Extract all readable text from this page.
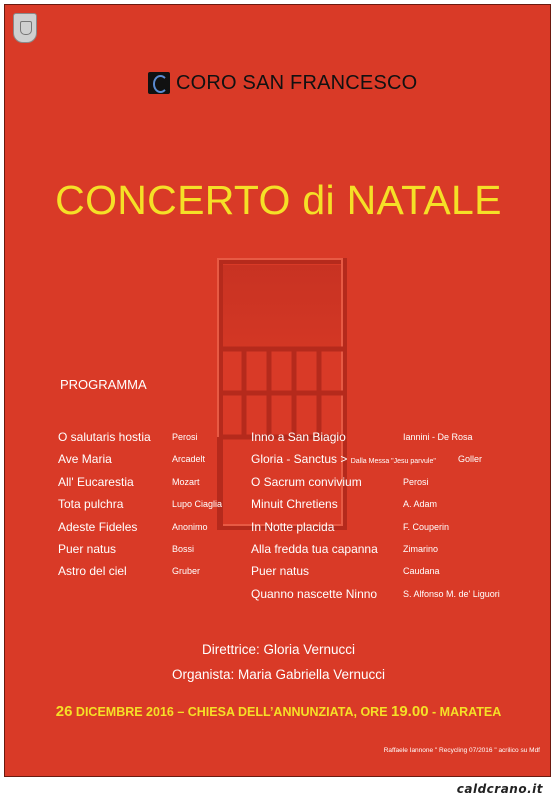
CORO SAN FRANCESCO
CONCERTO di NATALE
PROGRAMMA
O salutaris hostia
Ave Maria
All' Eucarestia
Tota pulchra
Adeste Fideles
Puer natus
Astro del ciel
Perosi
Arcadelt
Mozart
Lupo Ciaglia
Anonimo
Bossi
Gruber
Inno a San Biagio
Gloria - Sanctus > Dalla Messa "Jesu parvule"
O Sacrum convivium
Minuit Chretiens
In Notte placida
Alla fredda tua capanna
Puer natus
Quanno nascette Ninno
Iannini - De Rosa
Goller
Perosi
A. Adam
F. Couperin
Zimarino
Caudana
S. Alfonso M. de' Liguori
Direttrice: Gloria Vernucci
Organista: Maria Gabriella Vernucci
26 DICEMBRE 2016 – CHIESA DELL’ANNUNZIATA, ORE 19.00 - MARATEA
Raffaele Iannone " Recycling 07/2016 " acrilico su Mdf
caldcrano.it
